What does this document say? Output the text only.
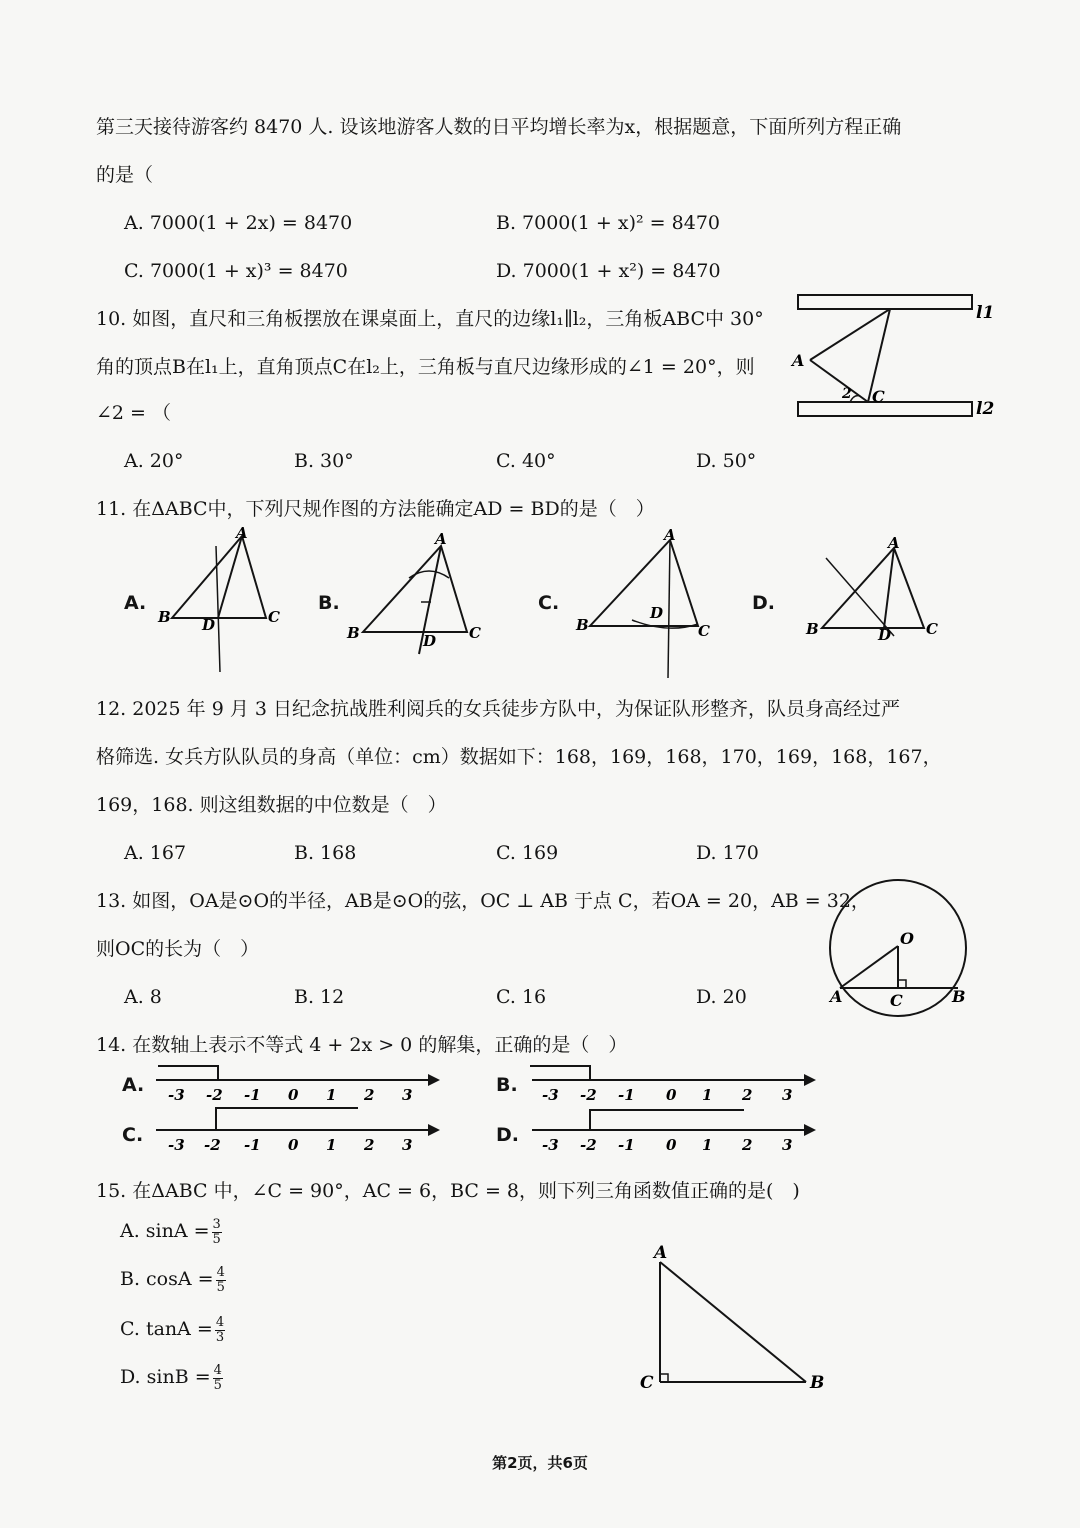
第三天接待游客约 8470 人. 设该地游客人数的日平均增长率为x，根据题意，下面所列方程正确
的是（
A. 7000(1 + 2x) = 8470	B. 7000(1 + x)² = 8470
C. 7000(1 + x)³ = 8470	D. 7000(1 + x²) = 8470
10. 如图，直尺和三角板摆放在课桌面上，直尺的边缘l₁∥l₂，三角板ABC中 30°
角的顶点B在l₁上，直角顶点C在l₂上，三角板与直尺边缘形成的∠1 = 20°，则
∠2 = （
A. 20°	B. 30°	C. 40°	D. 50°
l1
l2
A
C
2
11. 在ΔABC中，下列尺规作图的方法能确定AD = BD的是（　）
A.	B.	C.	D.
A
B	C
D
A
B	C
D
A
B	C
D
A
B	C
D
12. 2025 年 9 月 3 日纪念抗战胜利阅兵的女兵徒步方队中，为保证队形整齐，队员身高经过严
格筛选. 女兵方队队员的身高（单位：cm）数据如下：168，169，168，170，169，168，167，
169，168. 则这组数据的中位数是（　）
A. 167	B. 168	C. 169	D. 170
13. 如图，OA是⊙O的半径，AB是⊙O的弦，OC ⊥ AB 于点 C，若OA = 20，AB = 32，
则OC的长为（　）
A. 8	B. 12	C. 16	D. 20
O
A	B
C
14. 在数轴上表示不等式 4 + 2x > 0 的解集，正确的是（　）
A.	B.
C.	D.
-3 -2 -1 0 1 2 3	-3 -2 -1 0 1 2 3
-3 -2 -1 0 1 2 3	-3 -2 -1 0 1 2 3
15. 在ΔABC 中，∠C = 90°，AC = 6，BC = 8，则下列三角函数值正确的是(　)
A. $\sin A = \frac{3}{5}$
B. $\cos A = \frac{4}{5}$
C. $\tan A = \frac{4}{3}$
D. $\sin B = \frac{4}{5}$
A
C	B
第2页，共6页
